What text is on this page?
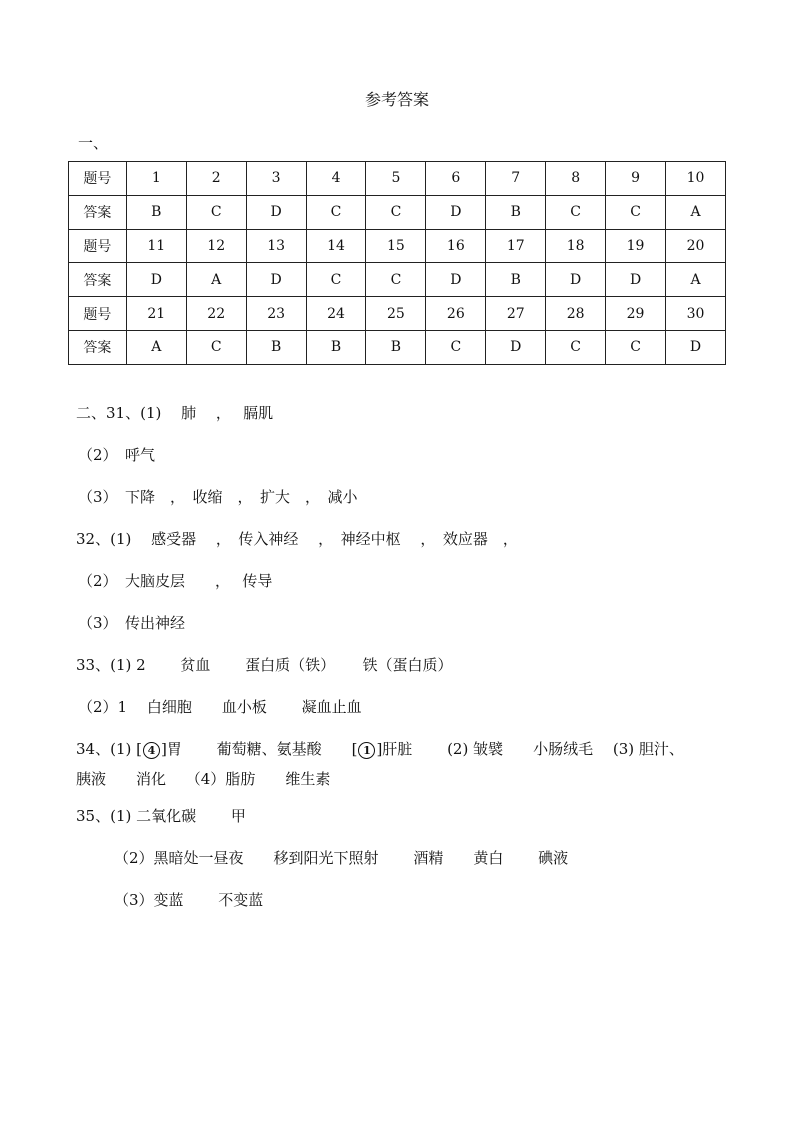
参考答案
一、
题号	1	2	3	4	5	6	7	8	9	10
答案	B	C	D	C	C	D	B	C	C	A
题号	11	12	13	14	15	16	17	18	19	20
答案	D	A	D	C	C	D	B	D	D	A
题号	21	22	23	24	25	26	27	28	29	30
答案	A	C	B	B	B	C	D	C	C	D
二、31、(1)　 肺　 ，　 膈肌
（2）　呼气
（3）　下降　，　收缩　，　扩大　，　减小
32、(1)　 感受器　 ，　传入神经　 ，　神经中枢　 ，　效应器　，
（2）　大脑皮层　　，　 传导
（3）　传出神经
33、(1) 2　　 贫血　　 蛋白质（铁）　　 铁（蛋白质）
（2）1　 白细胞　　血小板　　 凝血止血
34、(1) [ 4 ]胃　　 葡萄糖、氨基酸　　[ 1 ]肝脏　　 (2) 皱襞　　小肠绒毛　 (3) 胆汁、
胰液　　消化　 （4）脂肪　　维生素
35、(1) 二氧化碳　　 甲
（2）黑暗处一昼夜　　移到阳光下照射　　 酒精　　黄白　　 碘液
（3）变蓝　　 不变蓝
